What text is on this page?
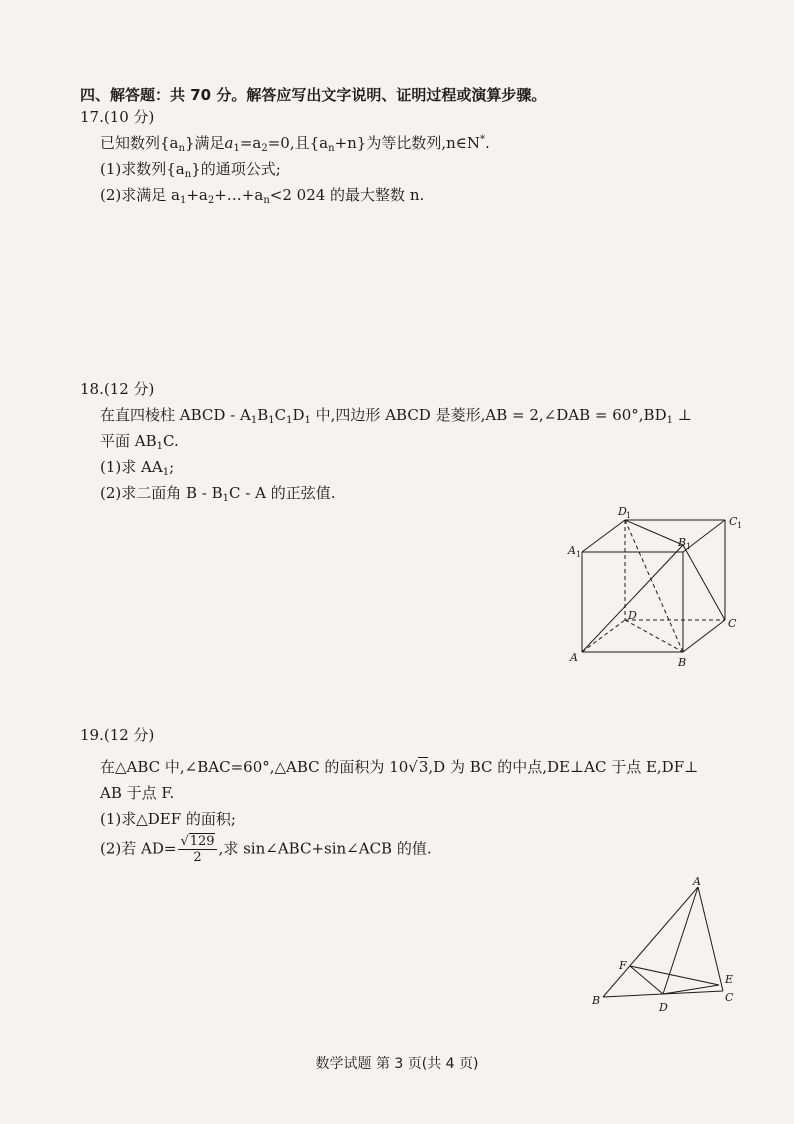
四、解答题：共 70 分。解答应写出文字说明、证明过程或演算步骤。
17.(10 分)
已知数列$\{a_n\}$满足$a_1=a_2=0$,且$\{a_n+n\}$为等比数列,n∈N*.
(1)求数列$\{a_n\}$的通项公式;
(2)求满足 $a_1+a_2+\dots+a_n<2$ 024 的最大整数 n.
18.(12 分)
在直四棱柱 ABCD - $A_1B_1C_1D_1$ 中,四边形 ABCD 是菱形,AB = 2,∠DAB = $60^\circ,BD_1$ ⊥
平面 $AB_1C$.
(1)求 $AA_1$;
(2)求二面角 B - $B_1C$ - A 的正弦值.
D 1	C 1
A 1
B 1
D
C
A	B
19.(12 分)
在△ABC 中,∠BAC=60°,△ABC 的面积为 10√3,D 为 BC 的中点,DE⊥AC 于点 E,DF⊥
AB 于点 F.
(1)求△DEF 的面积;
(2)若 $AD= \frac{√129}{2}$ ,求 sin∠ABC+sin∠ACB 的值.
A
B	C
D
E
F
数学试题 第 3 页(共 4 页)
